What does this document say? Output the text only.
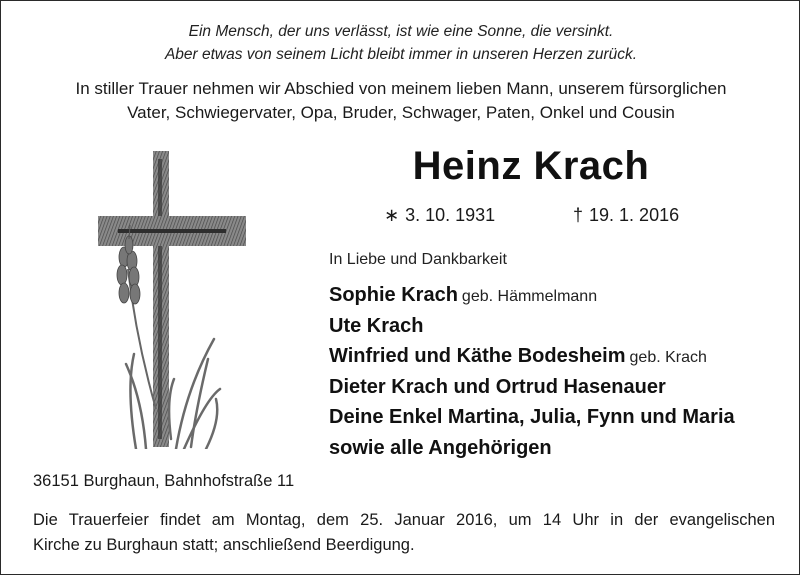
Ein Mensch, der uns verlässt, ist wie eine Sonne, die versinkt.
Aber etwas von seinem Licht bleibt immer in unseren Herzen zurück.
In stiller Trauer nehmen wir Abschied von meinem lieben Mann, unserem fürsorglichen
Vater, Schwiegervater, Opa, Bruder, Schwager, Paten, Onkel und Cousin
Heinz Krach
∗ 3. 10. 1931	† 19. 1. 2016
In Liebe und Dankbarkeit
Sophie Krach geb. Hämmelmann
Ute Krach
Winfried und Käthe Bodesheim geb. Krach
Dieter Krach und Ortrud Hasenauer
Deine Enkel Martina, Julia, Fynn und Maria
sowie alle Angehörigen
36151 Burghaun, Bahnhofstraße 11
Die Trauerfeier findet am Montag, dem 25. Januar 2016, um 14 Uhr in der evangelischen
Kirche zu Burghaun statt; anschließend Beerdigung.
